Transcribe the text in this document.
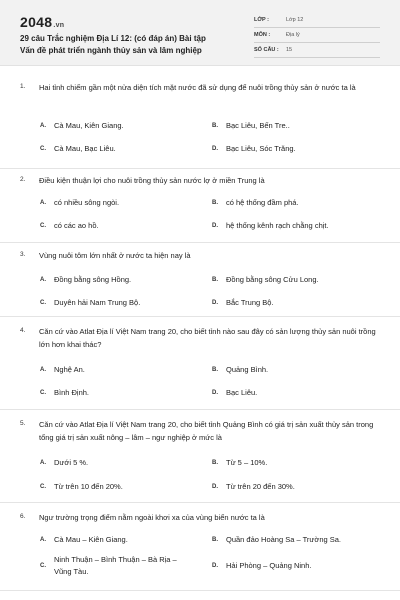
2048.vn
29 câu Trắc nghiệm Địa Lí 12: (có đáp án) Bài tập Vấn đề phát triển ngành thủy sản và lâm nghiệp
LỚP :	Lớp 12
MÔN :	Địa lý
SỐ CÂU : 15
1. Hai tỉnh chiếm gần một nửa diện tích mặt nước đã sử dụng để nuôi trồng thủy sản ở nước ta là
A. Cà Mau, Kiên Giang.	B. Bạc Liêu, Bến Tre..
C. Cà Mau, Bạc Liêu.	D. Bạc Liêu, Sóc Trăng.
2. Điều kiện thuận lợi cho nuôi trồng thủy sản nước lợ ở miền Trung là
A. có nhiều sông ngòi.	B. có hệ thống đầm phá.
C. có các ao hồ.	D. hệ thống kênh rạch chằng chịt.
3. Vùng nuôi tôm lớn nhất ở nước ta hiện nay là
A. Đồng bằng sông Hồng.	B. Đồng bằng sông Cửu Long.
C. Duyên hải Nam Trung Bộ.	D. Bắc Trung Bộ.
4. Căn cứ vào Atlat Địa lí Việt Nam trang 20, cho biết tỉnh nào sau đây có sản lượng thủy sản nuôi trồng lớn hơn khai thác?
A. Nghệ An.	B. Quảng Bình.
C. Bình Định.	D. Bạc Liêu.
5. Căn cứ vào Atlat Địa lí Việt Nam trang 20, cho biết tỉnh Quảng Bình có giá trị sản xuất thủy sản trong tổng giá trị sản xuất nông – lâm – ngư nghiệp ở mức là
A. Dưới 5 %.	B. Từ 5 – 10%.
C. Từ trên 10 đến 20%.	D. Từ trên 20 đến 30%.
6. Ngư trường trọng điểm nằm ngoài khơi xa của vùng biển nước ta là
A. Cà Mau – Kiên Giang.	B. Quần đảo Hoàng Sa – Trường Sa.
C.
Ninh Thuận – Bình Thuận – Bà Rịa – Vũng Tàu.
D. Hải Phòng – Quảng Ninh.
